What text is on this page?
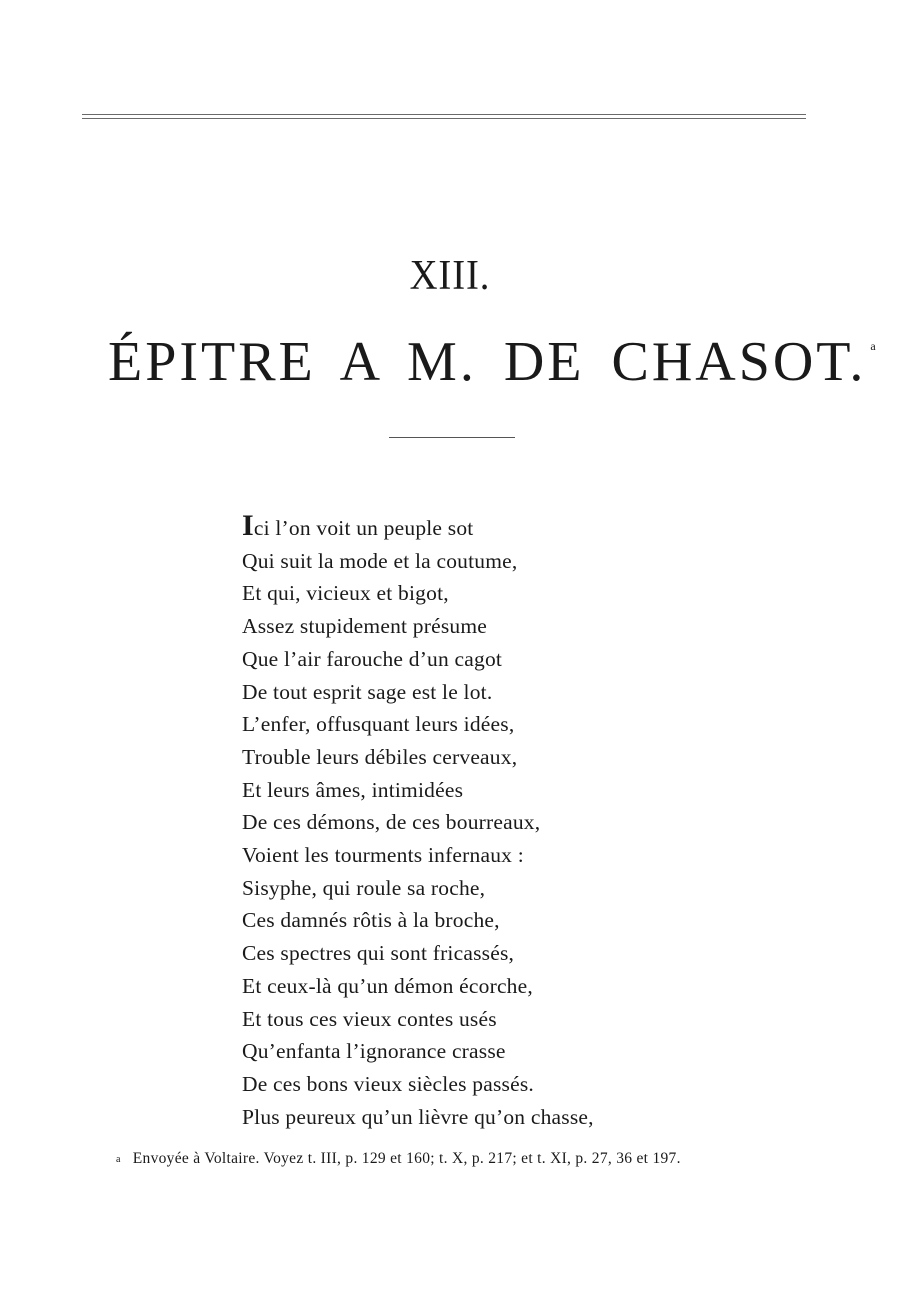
XIII.
ÉPITRE A M. DE CHASOT. $^a$
Ici l’on voit un peuple sot
Qui suit la mode et la coutume,
Et qui, vicieux et bigot,
Assez stupidement présume
Que l’air farouche d’un cagot
De tout esprit sage est le lot.
L’enfer, offusquant leurs idées,
Trouble leurs débiles cerveaux,
Et leurs âmes, intimidées
De ces démons, de ces bourreaux,
Voient les tourments infernaux :
Sisyphe, qui roule sa roche,
Ces damnés rôtis à la broche,
Ces spectres qui sont fricassés,
Et ceux-là qu’un démon écorche,
Et tous ces vieux contes usés
Qu’enfanta l’ignorance crasse
De ces bons vieux siècles passés.
Plus peureux qu’un lièvre qu’on chasse,
a Envoyée à Voltaire. Voyez t. III, p. 129 et 160; t. X, p. 217; et t. XI, p. 27, 36 et 197.
